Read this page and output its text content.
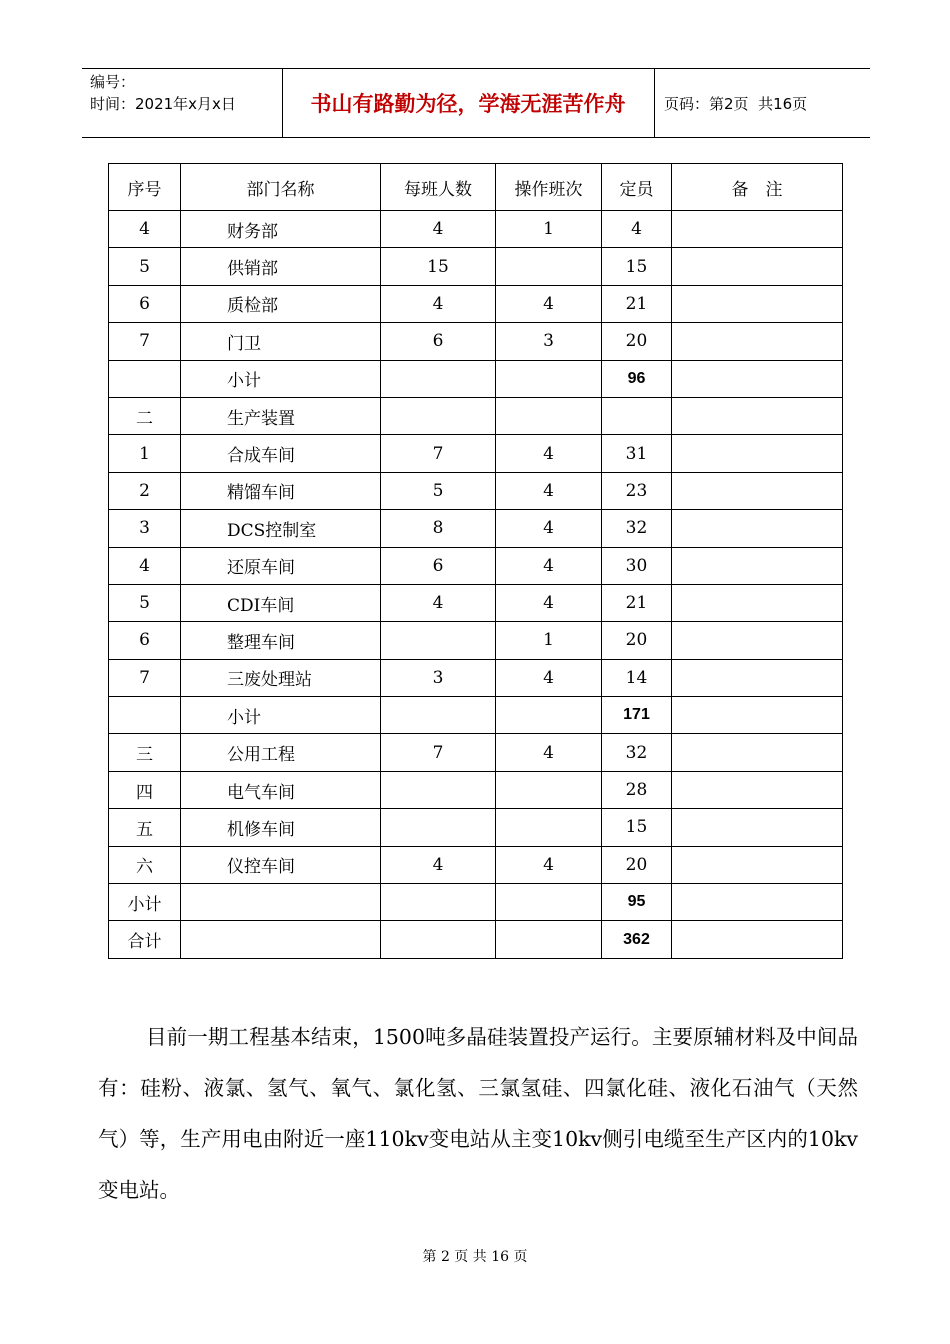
编号：
时间：2021年x月x日	书山有路勤为径，学海无涯苦作舟	页码：第2页  共16页
序号	部门名称	每班人数	操作班次	定员	备　注
4	财务部	4	1	4	
5	供销部	15		15	
6	质检部	4	4	21	
7	门卫	6	3	20	
	小计			96	
二	生产装置				
1	合成车间	7	4	31	
2	精馏车间	5	4	23	
3	DCS控制室	8	4	32	
4	还原车间	6	4	30	
5	CDI车间	4	4	21	
6	整理车间		1	20	
7	三废处理站	3	4	14	
	小计			171	
三	公用工程	7	4	32	
四	电气车间			28	
五	机修车间			15	
六	仪控车间	4	4	20	
小计				95	
合计				362	

目前一期工程基本结束，1500吨多晶硅装置投产运行。主要原辅材料及中间品有：硅粉、液氯、氢气、氧气、氯化氢、三氯氢硅、四氯化硅、液化石油气（天然气）等，生产用电由附近一座110kv变电站从主变10kv侧引电缆至生产区内的10kv变电站。

第 2 页 共 16 页
